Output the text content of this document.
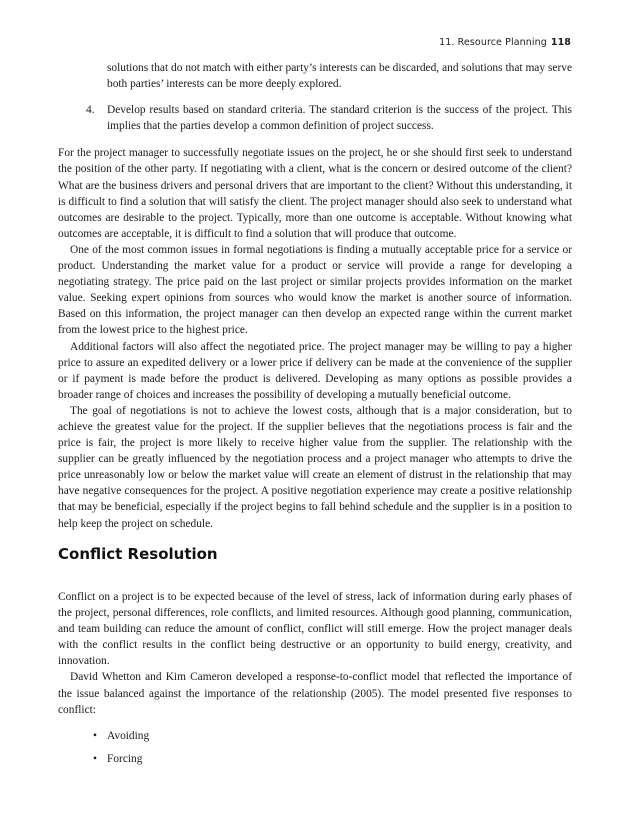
11. Resource Planning 118

solutions that do not match with either party’s interests can be discarded, and solutions that may serve both parties’ interests can be more deeply explored.

4. Develop results based on standard criteria. The standard criterion is the success of the project. This implies that the parties develop a common definition of project success.

For the project manager to successfully negotiate issues on the project, he or she should first seek to understand the position of the other party. If negotiating with a client, what is the concern or desired outcome of the client? What are the business drivers and personal drivers that are important to the client? Without this understanding, it is difficult to find a solution that will satisfy the client. The project manager should also seek to understand what outcomes are desirable to the project. Typically, more than one outcome is acceptable. Without knowing what outcomes are acceptable, it is difficult to find a solution that will produce that outcome.

One of the most common issues in formal negotiations is finding a mutually acceptable price for a service or product. Understanding the market value for a product or service will provide a range for developing a negotiating strategy. The price paid on the last project or similar projects provides information on the market value. Seeking expert opinions from sources who would know the market is another source of information. Based on this information, the project manager can then develop an expected range within the current market from the lowest price to the highest price.

Additional factors will also affect the negotiated price. The project manager may be willing to pay a higher price to assure an expedited delivery or a lower price if delivery can be made at the convenience of the supplier or if payment is made before the product is delivered. Developing as many options as possible provides a broader range of choices and increases the possibility of developing a mutually beneficial outcome.

The goal of negotiations is not to achieve the lowest costs, although that is a major consideration, but to achieve the greatest value for the project. If the supplier believes that the negotiations process is fair and the price is fair, the project is more likely to receive higher value from the supplier. The relationship with the supplier can be greatly influenced by the negotiation process and a project manager who attempts to drive the price unreasonably low or below the market value will create an element of distrust in the relationship that may have negative consequences for the project. A positive negotiation experience may create a positive relationship that may be beneficial, especially if the project begins to fall behind schedule and the supplier is in a position to help keep the project on schedule.

Conflict Resolution

Conflict on a project is to be expected because of the level of stress, lack of information during early phases of the project, personal differences, role conflicts, and limited resources. Although good planning, communication, and team building can reduce the amount of conflict, conflict will still emerge. How the project manager deals with the conflict results in the conflict being destructive or an opportunity to build energy, creativity, and innovation.

David Whetton and Kim Cameron developed a response-to-conflict model that reflected the importance of the issue balanced against the importance of the relationship (2005). The model presented five responses to conflict:

• Avoiding
• Forcing
